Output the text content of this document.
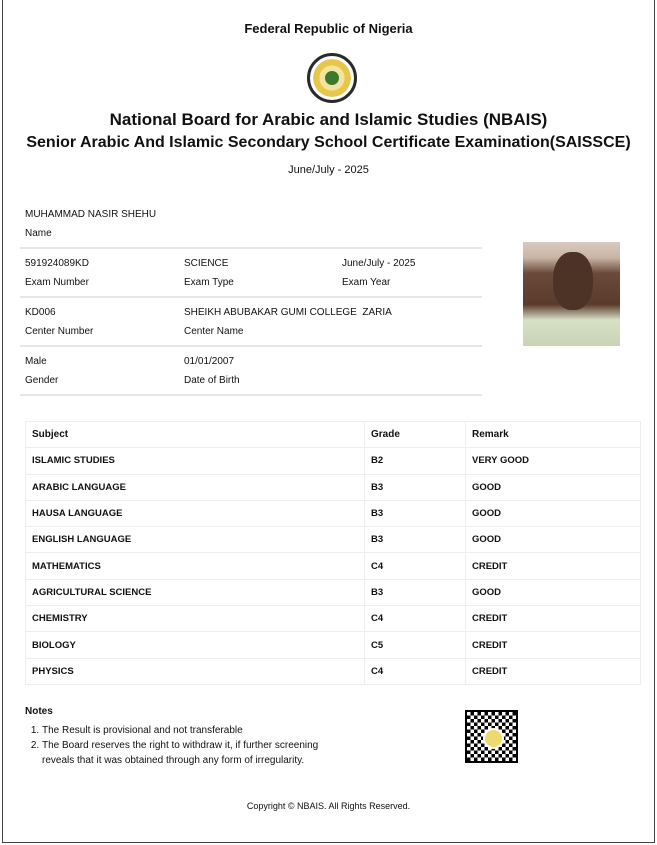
Federal Republic of Nigeria
National Board for Arabic and Islamic Studies (NBAIS)
Senior Arabic And Islamic Secondary School Certificate Examination(SAISSCE)
June/July - 2025
MUHAMMAD NASIR SHEHU
Name
591924089KD
Exam Number
SCIENCE
Exam Type
June/July - 2025
Exam Year
KD006
Center Number
SHEIKH ABUBAKAR GUMI COLLEGE  ZARIA
Center Name
Male
Gender
01/01/2007
Date of Birth
Subject	Grade	Remark
ISLAMIC STUDIES	B2	VERY GOOD
ARABIC LANGUAGE	B3	GOOD
HAUSA LANGUAGE	B3	GOOD
ENGLISH LANGUAGE	B3	GOOD
MATHEMATICS	C4	CREDIT
AGRICULTURAL SCIENCE	B3	GOOD
CHEMISTRY	C4	CREDIT
BIOLOGY	C5	CREDIT
PHYSICS	C4	CREDIT
Notes
1. The Result is provisional and not transferable
2. The Board reserves the right to withdraw it, if further screening reveals that it was obtained through any form of irregularity.
Copyright © NBAIS. All Rights Reserved.
